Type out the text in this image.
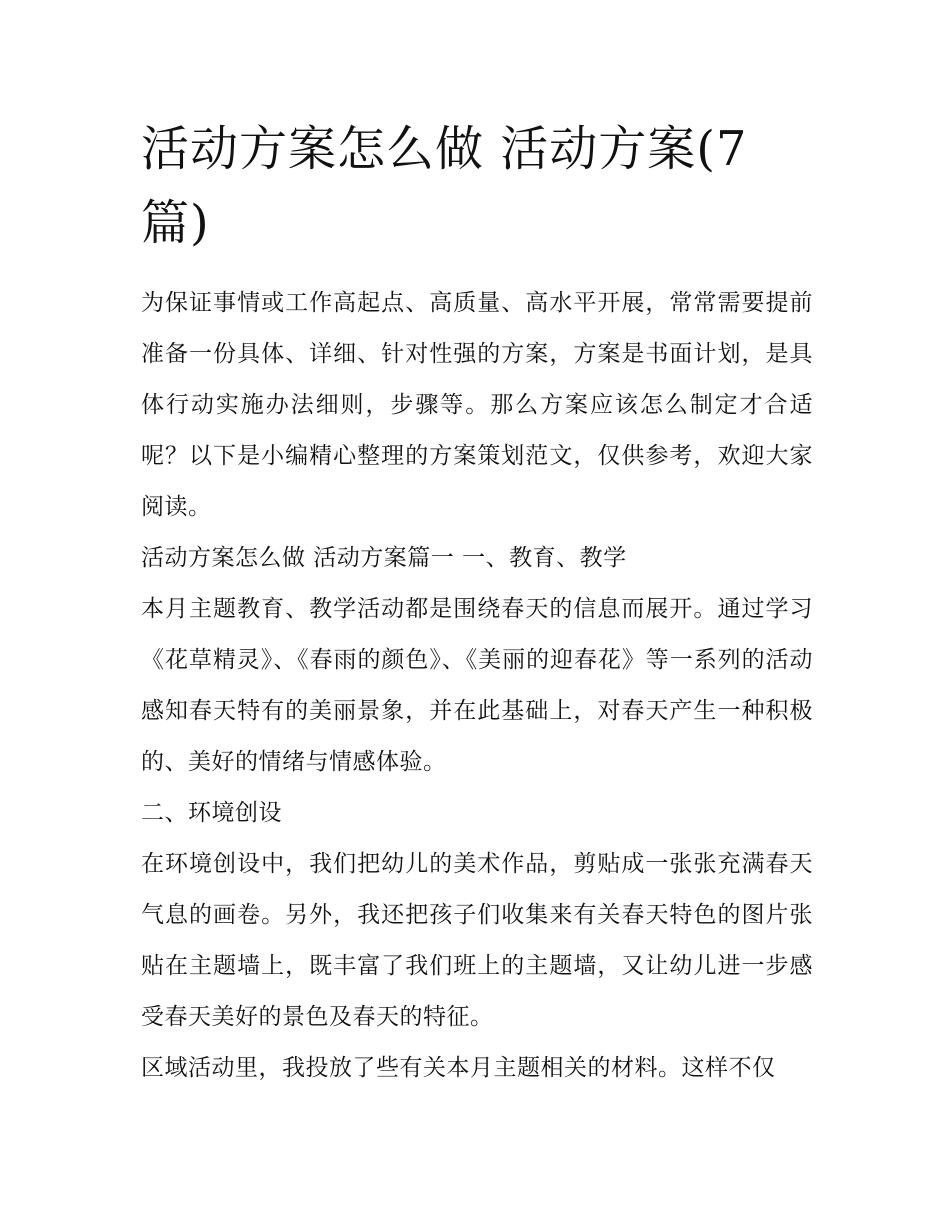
活动方案怎么做 活动方案(7篇)

为保证事情或工作高起点、高质量、高水平开展，常常需要提前准备一份具体、详细、针对性强的方案，方案是书面计划，是具体行动实施办法细则，步骤等。那么方案应该怎么制定才合适呢？以下是小编精心整理的方案策划范文，仅供参考，欢迎大家阅读。

活动方案怎么做 活动方案篇一 一、教育、教学

本月主题教育、教学活动都是围绕春天的信息而展开。通过学习《花草精灵》、《春雨的颜色》、《美丽的迎春花》等一系列的活动感知春天特有的美丽景象，并在此基础上，对春天产生一种积极的、美好的情绪与情感体验。

二、环境创设

在环境创设中，我们把幼儿的美术作品，剪贴成一张张充满春天气息的画卷。另外，我还把孩子们收集来有关春天特色的图片张贴在主题墙上，既丰富了我们班上的主题墙，又让幼儿进一步感受春天美好的景色及春天的特征。

区域活动里，我投放了些有关本月主题相关的材料。这样不仅
